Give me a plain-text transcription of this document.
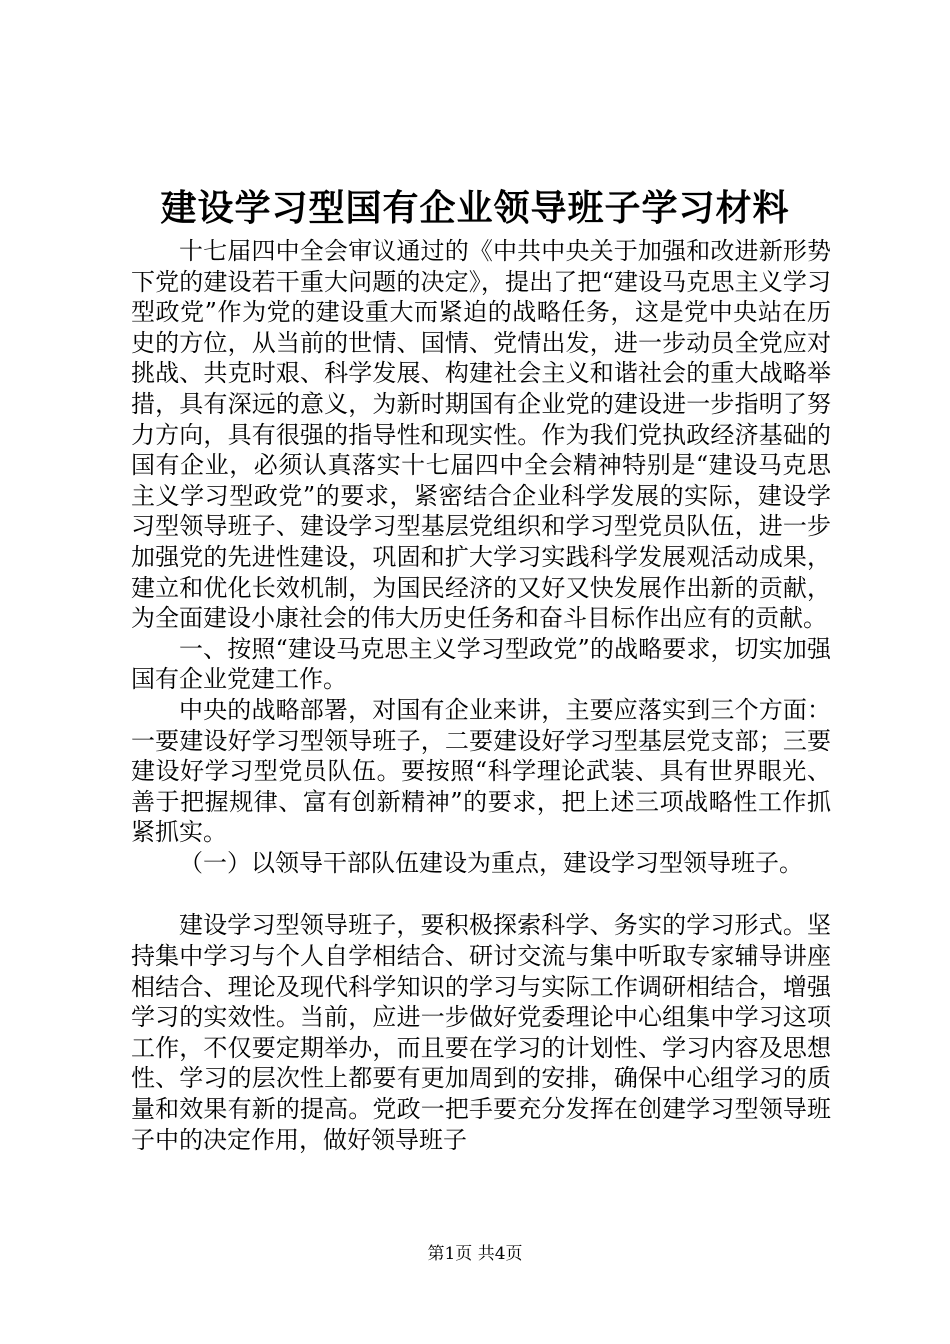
建设学习型国有企业领导班子学习材料

十七届四中全会审议通过的《中共中央关于加强和改进新形势下党的建设若干重大问题的决定》，提出了把“建设马克思主义学习型政党”作为党的建设重大而紧迫的战略任务，这是党中央站在历史的方位，从当前的世情、国情、党情出发，进一步动员全党应对挑战、共克时艰、科学发展、构建社会主义和谐社会的重大战略举措，具有深远的意义，为新时期国有企业党的建设进一步指明了努力方向，具有很强的指导性和现实性。作为我们党执政经济基础的国有企业，必须认真落实十七届四中全会精神特别是“建设马克思主义学习型政党”的要求，紧密结合企业科学发展的实际，建设学习型领导班子、建设学习型基层党组织和学习型党员队伍，进一步加强党的先进性建设，巩固和扩大学习实践科学发展观活动成果，建立和优化长效机制，为国民经济的又好又快发展作出新的贡献，为全面建设小康社会的伟大历史任务和奋斗目标作出应有的贡献。

一、按照“建设马克思主义学习型政党”的战略要求，切实加强国有企业党建工作。

中央的战略部署，对国有企业来讲，主要应落实到三个方面：一要建设好学习型领导班子，二要建设好学习型基层党支部；三要建设好学习型党员队伍。要按照“科学理论武装、具有世界眼光、善于把握规律、富有创新精神”的要求，把上述三项战略性工作抓紧抓实。

（一）以领导干部队伍建设为重点，建设学习型领导班子。

建设学习型领导班子，要积极探索科学、务实的学习形式。坚持集中学习与个人自学相结合、研讨交流与集中听取专家辅导讲座相结合、理论及现代科学知识的学习与实际工作调研相结合，增强学习的实效性。当前，应进一步做好党委理论中心组集中学习这项工作，不仅要定期举办，而且要在学习的计划性、学习内容及思想性、学习的层次性上都要有更加周到的安排，确保中心组学习的质量和效果有新的提高。党政一把手要充分发挥在创建学习型领导班子中的决定作用，做好领导班子

第1页 共4页
